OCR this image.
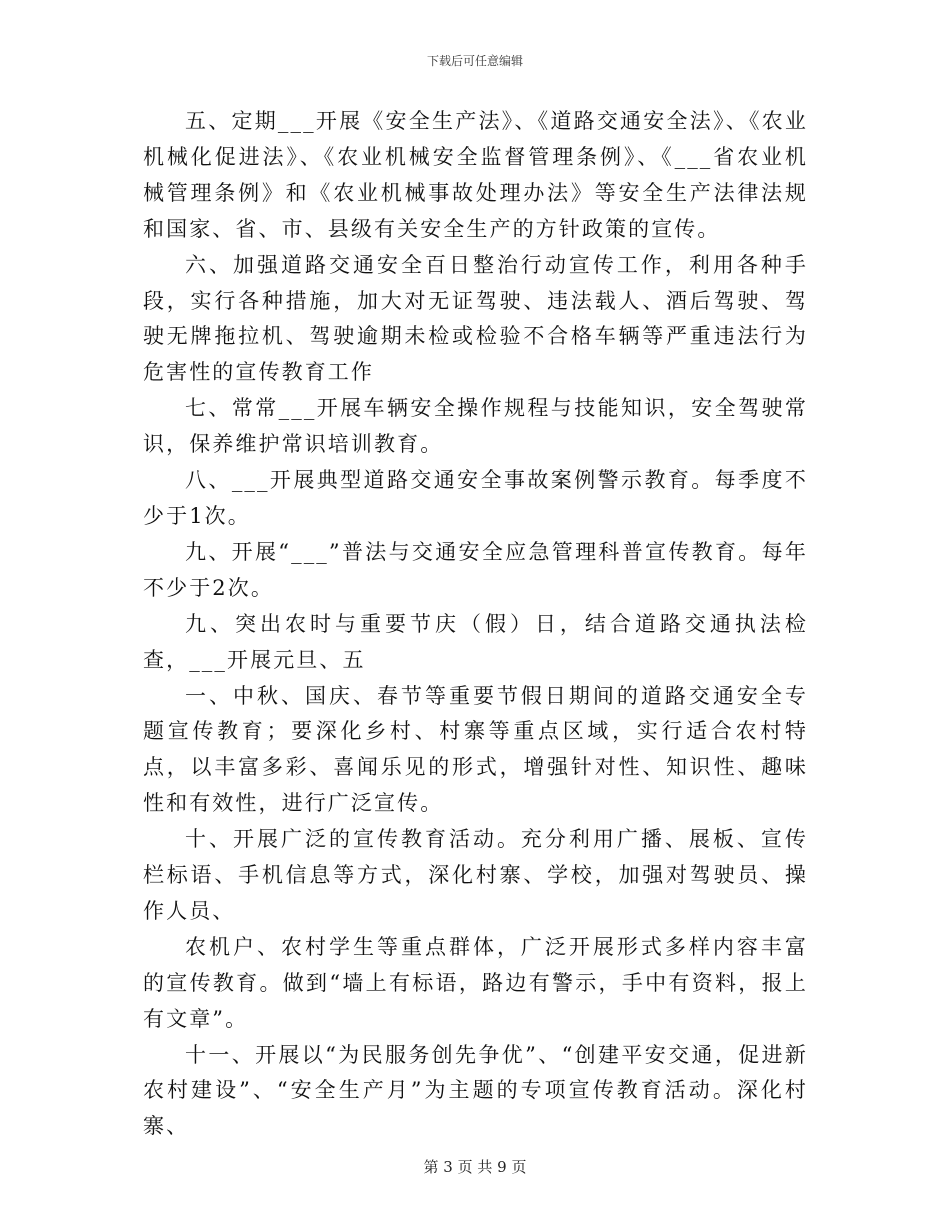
下载后可任意编辑

五、定期___开展《安全生产法》、《道路交通安全法》、《农业机械化促进法》、《农业机械安全监督管理条例》、《___省农业机械管理条例》和《农业机械事故处理办法》等安全生产法律法规和国家、省、市、县级有关安全生产的方针政策的宣传。

六、加强道路交通安全百日整治行动宣传工作，利用各种手段，实行各种措施，加大对无证驾驶、违法载人、酒后驾驶、驾驶无牌拖拉机、驾驶逾期未检或检验不合格车辆等严重违法行为危害性的宣传教育工作

七、常常___开展车辆安全操作规程与技能知识，安全驾驶常识，保养维护常识培训教育。

八、___开展典型道路交通安全事故案例警示教育。每季度不少于1次。

九、开展“___”普法与交通安全应急管理科普宣传教育。每年不少于2次。

九、突出农时与重要节庆（假）日，结合道路交通执法检查，___开展元旦、五

一、中秋、国庆、春节等重要节假日期间的道路交通安全专题宣传教育；要深化乡村、村寨等重点区域，实行适合农村特点，以丰富多彩、喜闻乐见的形式，增强针对性、知识性、趣味性和有效性，进行广泛宣传。

十、开展广泛的宣传教育活动。充分利用广播、展板、宣传栏标语、手机信息等方式，深化村寨、学校，加强对驾驶员、操作人员、

农机户、农村学生等重点群体，广泛开展形式多样内容丰富的宣传教育。做到“墙上有标语，路边有警示，手中有资料，报上有文章”。

十一、开展以“为民服务创先争优”、“创建平安交通，促进新农村建设”、“安全生产月”为主题的专项宣传教育活动。深化村寨、

第 3 页 共 9 页
